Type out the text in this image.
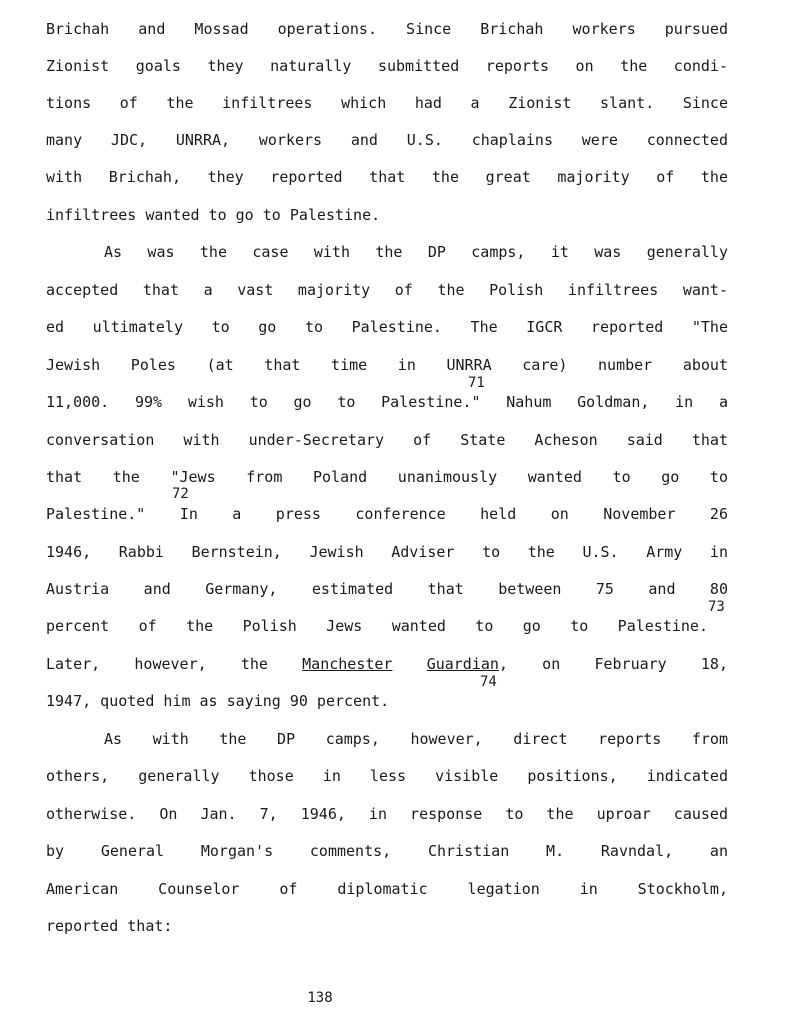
Brichah and Mossad operations. Since Brichah workers pursued
Zionist goals they naturally submitted reports on the condi-
tions of the infiltrees which had a Zionist slant. Since
many JDC, UNRRA, workers and U.S. chaplains were connected
with Brichah, they reported that the great majority of the
infiltrees wanted to go to Palestine.
As was the case with the DP camps, it was generally
accepted that a vast majority of the Polish infiltrees want-
ed ultimately to go to Palestine. The IGCR reported "The
Jewish Poles (at that time in UNRRA care) number about
71
11,000. 99% wish to go to Palestine." Nahum Goldman, in a
conversation with under-Secretary of State Acheson said that
that the "Jews from Poland unanimously wanted to go to
72
Palestine." In a press conference held on November 26
1946, Rabbi Bernstein, Jewish Adviser to the U.S. Army in
Austria and Germany, estimated that between 75 and 80
73
percent of the Polish Jews wanted to go to Palestine.
Later, however, the Manchester Guardian, on February 18,
74
1947, quoted him as saying 90 percent.
As with the DP camps, however, direct reports from
others, generally those in less visible positions, indicated
otherwise. On Jan. 7, 1946, in response to the uproar caused
by General Morgan's comments, Christian M. Ravndal, an
American Counselor of diplomatic legation in Stockholm,
reported that:
138
